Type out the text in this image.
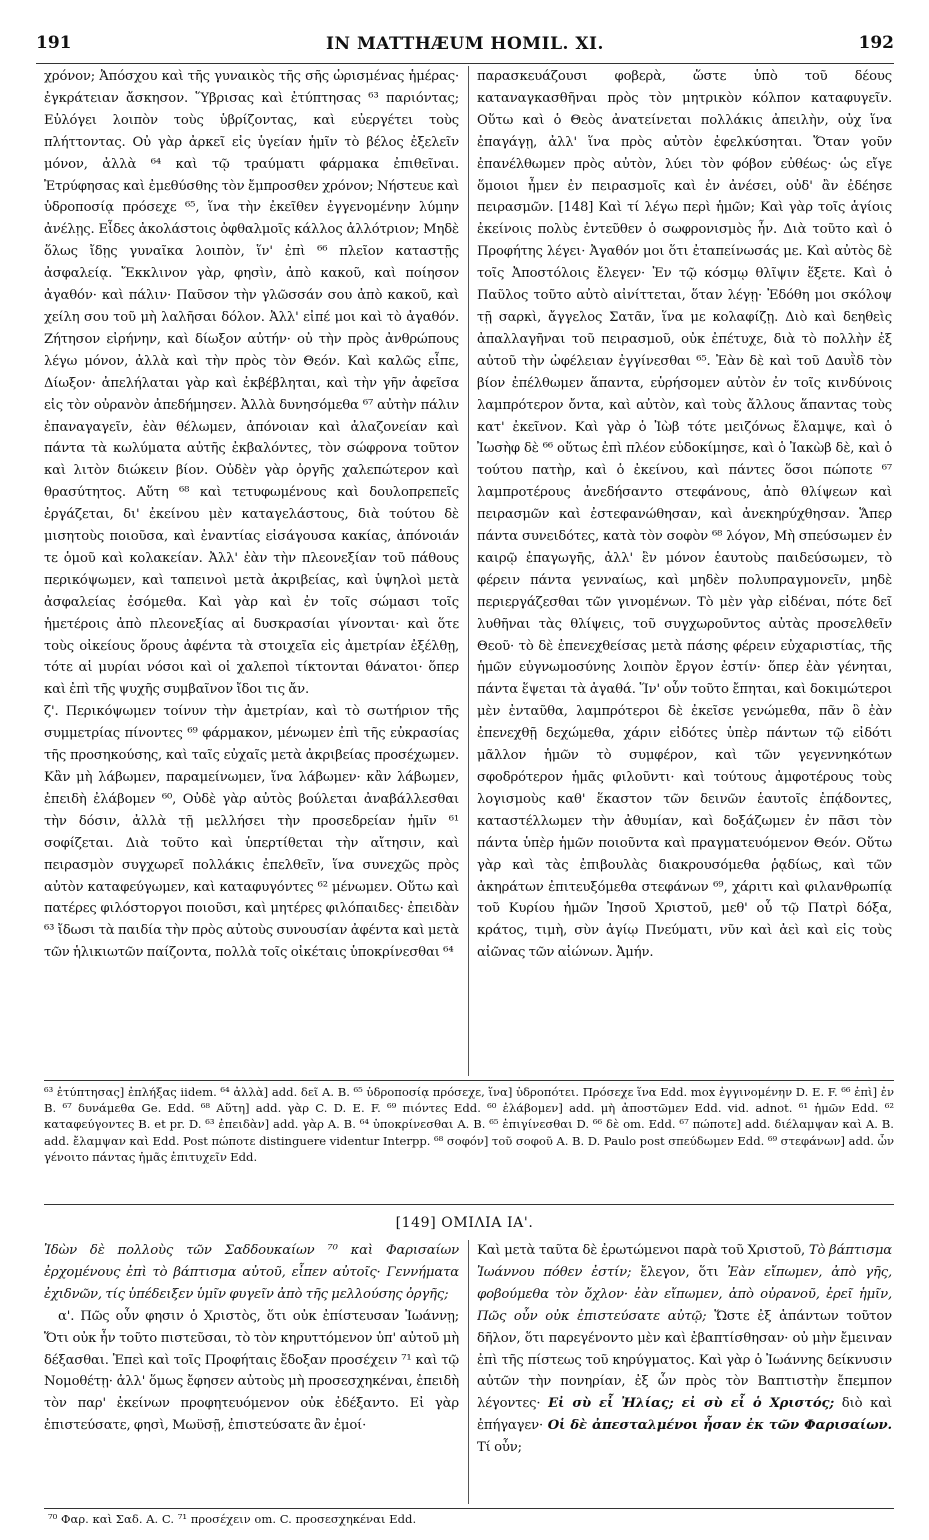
191	IN MATTHÆUM HOMIL. XI.	192

χρόνον; Ἀπόσχου καὶ τῆς γυναικὸς τῆς σῆς ὡρισμένας ἡμέρας· ἐγκράτειαν ἄσκησον. Ὕβρισας καὶ ἐτύπτησας ⁶³ παριόντας; Εὐλόγει λοιπὸν τοὺς ὑβρίζοντας, καὶ εὐεργέτει τοὺς πλήττοντας. Οὐ γὰρ ἀρκεῖ εἰς ὑγείαν ἡμῖν τὸ βέλος ἐξελεῖν μόνον, ἀλλὰ ⁶⁴ καὶ τῷ τραύματι φάρμακα ἐπιθεῖναι. Ἐτρύφησας καὶ ἐμεθύσθης τὸν ἔμπροσθεν χρόνον; Νήστευε καὶ ὑδροποσίᾳ πρόσεχε ⁶⁵, ἵνα τὴν ἐκεῖθεν ἐγγενομένην λύμην ἀνέλῃς. Εἶδες ἀκολάστοις ὀφθαλμοῖς κάλλος ἀλλότριον; Μηδὲ ὅλως ἴδῃς γυναῖκα λοιπὸν, ἵν' ἐπὶ ⁶⁶ πλεῖον καταστῇς ἀσφαλείᾳ. Ἔκκλινον γὰρ, φησὶν, ἀπὸ κακοῦ, καὶ ποίησον ἀγαθόν· καὶ πάλιν· Παῦσον τὴν γλῶσσάν σου ἀπὸ κακοῦ, καὶ χείλη σου τοῦ μὴ λαλῆσαι δόλον. Ἀλλ' εἰπέ μοι καὶ τὸ ἀγαθόν. Ζήτησον εἰρήνην, καὶ δίωξον αὐτήν· οὐ τὴν πρὸς ἀνθρώπους λέγω μόνον, ἀλλὰ καὶ τὴν πρὸς τὸν Θεόν. Καὶ καλῶς εἶπε, Δίωξον· ἀπελήλαται γὰρ καὶ ἐκβέβληται, καὶ τὴν γῆν ἀφεῖσα εἰς τὸν οὐρανὸν ἀπεδήμησεν. Ἀλλὰ δυνησόμεθα ⁶⁷ αὐτὴν πάλιν ἐπαναγαγεῖν, ἐὰν θέλωμεν, ἀπόνοιαν καὶ ἀλαζονείαν καὶ πάντα τὰ κωλύματα αὐτῆς ἐκβαλόντες, τὸν σώφρονα τοῦτον καὶ λιτὸν διώκειν βίον. Οὐδὲν γὰρ ὀργῆς χαλεπώτερον καὶ θρασύτητος. Αὕτη ⁶⁸ καὶ τετυφωμένους καὶ δουλοπρεπεῖς ἐργάζεται, δι' ἐκείνου μὲν καταγελάστους, διὰ τούτου δὲ μισητοὺς ποιοῦσα, καὶ ἐναντίας εἰσάγουσα κακίας, ἀπόνοιάν τε ὁμοῦ καὶ κολακείαν. Ἀλλ' ἐὰν τὴν πλεονεξίαν τοῦ πάθους περικόψωμεν, καὶ ταπεινοὶ μετὰ ἀκριβείας, καὶ ὑψηλοὶ μετὰ ἀσφαλείας ἐσόμεθα. Καὶ γὰρ καὶ ἐν τοῖς σώμασι τοῖς ἡμετέροις ἀπὸ πλεονεξίας αἱ δυσκρασίαι γίνονται· καὶ ὅτε τοὺς οἰκείους ὅρους ἀφέντα τὰ στοιχεῖα εἰς ἀμετρίαν ἐξέλθῃ, τότε αἱ μυρίαι νόσοι καὶ οἱ χαλεποὶ τίκτονται θάνατοι· ὅπερ καὶ ἐπὶ τῆς ψυχῆς συμβαῖνον ἴδοι τις ἄν.

ζ'. Περικόψωμεν τοίνυν τὴν ἀμετρίαν, καὶ τὸ σωτήριον τῆς συμμετρίας πίνοντες ⁶⁹ φάρμακον, μένωμεν ἐπὶ τῆς εὐκρασίας τῆς προσηκούσης, καὶ ταῖς εὐχαῖς μετὰ ἀκριβείας προσέχωμεν. Κἂν μὴ λάβωμεν, παραμείνωμεν, ἵνα λάβωμεν· κἂν λάβωμεν, ἐπειδὴ ἐλάβομεν ⁶⁰, Οὐδὲ γὰρ αὐτὸς βούλεται ἀναβάλλεσθαι τὴν δόσιν, ἀλλὰ τῇ μελλήσει τὴν προσεδρείαν ἡμῖν ⁶¹ σοφίζεται. Διὰ τοῦτο καὶ ὑπερτίθεται τὴν αἴτησιν, καὶ πειρασμὸν συγχωρεῖ πολλάκις ἐπελθεῖν, ἵνα συνεχῶς πρὸς αὐτὸν καταφεύγωμεν, καὶ καταφυγόντες ⁶² μένωμεν. Οὕτω καὶ πατέρες φιλόστοργοι ποιοῦσι, καὶ μητέρες φιλόπαιδες· ἐπειδὰν ⁶³ ἴδωσι τὰ παιδία τὴν πρὸς αὐτοὺς συνουσίαν ἀφέντα καὶ μετὰ τῶν ἡλικιωτῶν παίζοντα, πολλὰ τοῖς οἰκέταις ὑποκρίνεσθαι ⁶⁴

παρασκευάζουσι φοβερὰ, ὥστε ὑπὸ τοῦ δέους καταναγκασθῆναι πρὸς τὸν μητρικὸν κόλπον καταφυγεῖν. Οὕτω καὶ ὁ Θεὸς ἀνατείνεται πολλάκις ἀπειλὴν, οὐχ ἵνα ἐπαγάγῃ, ἀλλ' ἵνα πρὸς αὐτὸν ἐφελκύσηται. Ὅταν γοῦν ἐπανέλθωμεν πρὸς αὐτὸν, λύει τὸν φόβον εὐθέως· ὡς εἴγε ὅμοιοι ἦμεν ἐν πειρασμοῖς καὶ ἐν ἀνέσει, οὐδ' ἂν ἐδέησε πειρασμῶν. [148] Καὶ τί λέγω περὶ ἡμῶν; Καὶ γὰρ τοῖς ἁγίοις ἐκείνοις πολὺς ἐντεῦθεν ὁ σωφρονισμὸς ἦν. Διὰ τοῦτο καὶ ὁ Προφήτης λέγει· Ἀγαθόν μοι ὅτι ἐταπείνωσάς με. Καὶ αὐτὸς δὲ τοῖς Ἀποστόλοις ἔλεγεν· Ἐν τῷ κόσμῳ θλῖψιν ἕξετε. Καὶ ὁ Παῦλος τοῦτο αὐτὸ αἰνίττεται, ὅταν λέγῃ· Ἐδόθη μοι σκόλοψ τῇ σαρκὶ, ἄγγελος Σατᾶν, ἵνα με κολαφίζῃ. Διὸ καὶ δεηθεὶς ἀπαλλαγῆναι τοῦ πειρασμοῦ, οὐκ ἐπέτυχε, διὰ τὸ πολλὴν ἐξ αὐτοῦ τὴν ὠφέλειαν ἐγγίνεσθαι ⁶⁵. Ἐὰν δὲ καὶ τοῦ Δαυῒδ τὸν βίον ἐπέλθωμεν ἅπαντα, εὑρήσομεν αὐτὸν ἐν τοῖς κινδύνοις λαμπρότερον ὄντα, καὶ αὐτὸν, καὶ τοὺς ἄλλους ἅπαντας τοὺς κατ' ἐκεῖνον. Καὶ γὰρ ὁ Ἰὼβ τότε μειζόνως ἔλαμψε, καὶ ὁ Ἰωσὴφ δὲ ⁶⁶ οὕτως ἐπὶ πλέον εὐδοκίμησε, καὶ ὁ Ἰακὼβ δὲ, καὶ ὁ τούτου πατὴρ, καὶ ὁ ἐκείνου, καὶ πάντες ὅσοι πώποτε ⁶⁷ λαμπροτέρους ἀνεδήσαντο στεφάνους, ἀπὸ θλίψεων καὶ πειρασμῶν καὶ ἐστεφανώθησαν, καὶ ἀνεκηρύχθησαν. Ἅπερ πάντα συνειδότες, κατὰ τὸν σοφὸν ⁶⁸ λόγον, Μὴ σπεύσωμεν ἐν καιρῷ ἐπαγωγῆς, ἀλλ' ἓν μόνον ἑαυτοὺς παιδεύσωμεν, τὸ φέρειν πάντα γενναίως, καὶ μηδὲν πολυπραγμονεῖν, μηδὲ περιεργάζεσθαι τῶν γινομένων. Τὸ μὲν γὰρ εἰδέναι, πότε δεῖ λυθῆναι τὰς θλίψεις, τοῦ συγχωροῦντος αὐτὰς προσελθεῖν Θεοῦ· τὸ δὲ ἐπενεχθείσας μετὰ πάσης φέρειν εὐχαριστίας, τῆς ἡμῶν εὐγνωμοσύνης λοιπὸν ἔργον ἐστίν· ὅπερ ἐὰν γένηται, πάντα ἕψεται τὰ ἀγαθά. Ἵν' οὖν τοῦτο ἔπηται, καὶ δοκιμώτεροι μὲν ἐνταῦθα, λαμπρότεροι δὲ ἐκεῖσε γενώμεθα, πᾶν ὃ ἐὰν ἐπενεχθῇ δεχώμεθα, χάριν εἰδότες ὑπὲρ πάντων τῷ εἰδότι μᾶλλον ἡμῶν τὸ συμφέρον, καὶ τῶν γεγεννηκότων σφοδρότερον ἡμᾶς φιλοῦντι· καὶ τούτους ἀμφοτέρους τοὺς λογισμοὺς καθ' ἕκαστον τῶν δεινῶν ἑαυτοῖς ἐπᾴδοντες, καταστέλλωμεν τὴν ἀθυμίαν, καὶ δοξάζωμεν ἐν πᾶσι τὸν πάντα ὑπὲρ ἡμῶν ποιοῦντα καὶ πραγματευόμενον Θεόν. Οὕτω γὰρ καὶ τὰς ἐπιβουλὰς διακρουσόμεθα ῥᾳδίως, καὶ τῶν ἀκηράτων ἐπιτευξόμεθα στεφάνων ⁶⁹, χάριτι καὶ φιλανθρωπίᾳ τοῦ Κυρίου ἡμῶν Ἰησοῦ Χριστοῦ, μεθ' οὗ τῷ Πατρὶ δόξα, κράτος, τιμὴ, σὺν ἁγίῳ Πνεύματι, νῦν καὶ ἀεὶ καὶ εἰς τοὺς αἰῶνας τῶν αἰώνων. Ἀμήν.

⁶³ ἐτύπτησας] ἐπλήξας iidem. ⁶⁴ ἀλλὰ] add. δεῖ A. B. ⁶⁵ ὑδροποσίᾳ πρόσεχε, ἵνα] ὑδροπότει. Πρόσεχε ἵνα Edd. mox ἐγγινομένην D. E. F. ⁶⁶ ἐπὶ] ἐν B. ⁶⁷ δυνάμεθα Ge. Edd. ⁶⁸ Αὕτη] add. γὰρ C. D. E. F. ⁶⁹ πιόντες Edd. ⁶⁰ ἐλάβομεν] add. μὴ ἀποστῶμεν Edd. vid. adnot. ⁶¹ ἡμῶν Edd. ⁶² καταφεύγοντες B. et pr. D. ⁶³ ἐπειδὰν] add. γὰρ A. B. ⁶⁴ ὑποκρίνεσθαι A. B. ⁶⁵ ἐπιγίνεσθαι D. ⁶⁶ δὲ om. Edd. ⁶⁷ πώποτε] add. διέλαμψαν καὶ A. B. add. ἔλαμψαν καὶ Edd. Post πώποτε distinguere videntur Interpp. ⁶⁸ σοφόν] τοῦ σοφοῦ A. B. D. Paulo post σπεύδωμεν Edd. ⁶⁹ στεφάνων] add. ὧν γένοιτο πάντας ἡμᾶς ἐπιτυχεῖν Edd.
[149] ΟΜΙΛΙΑ ΙΑ'.

Ἰδὼν δὲ πολλοὺς τῶν Σαδδουκαίων ⁷⁰ καὶ Φαρισαίων ἐρχομένους ἐπὶ τὸ βάπτισμα αὐτοῦ, εἶπεν αὐτοῖς· Γεννήματα ἐχιδνῶν, τίς ὑπέδειξεν ὑμῖν φυγεῖν ἀπὸ τῆς μελλούσης ὀργῆς;

α'. Πῶς οὖν φησιν ὁ Χριστὸς, ὅτι οὐκ ἐπίστευσαν Ἰωάννῃ; Ὅτι οὐκ ἦν τοῦτο πιστεῦσαι, τὸ τὸν κηρυττόμενον ὑπ' αὐτοῦ μὴ δέξασθαι. Ἐπεὶ καὶ τοῖς Προφήταις ἔδοξαν προσέχειν ⁷¹ καὶ τῷ Νομοθέτῃ· ἀλλ' ὅμως ἔφησεν αὐτοὺς μὴ προσεσχηκέναι, ἐπειδὴ τὸν παρ' ἐκείνων προφητευόμενον οὐκ ἐδέξαντο. Εἰ γὰρ ἐπιστεύσατε, φησὶ, Μωϋσῇ, ἐπιστεύσατε ἂν ἐμοί·

Καὶ μετὰ ταῦτα δὲ ἐρωτώμενοι παρὰ τοῦ Χριστοῦ, Τὸ βάπτισμα Ἰωάννου πόθεν ἐστίν; ἔλεγον, ὅτι Ἐὰν εἴπωμεν, ἀπὸ γῆς, φοβούμεθα τὸν ὄχλον· ἐὰν εἴπωμεν, ἀπὸ οὐρανοῦ, ἐρεῖ ἡμῖν, Πῶς οὖν οὐκ ἐπιστεύσατε αὐτῷ; Ὥστε ἐξ ἁπάντων τοῦτον δῆλον, ὅτι παρεγένοντο μὲν καὶ ἐβαπτίσθησαν· οὐ μὴν ἔμειναν ἐπὶ τῆς πίστεως τοῦ κηρύγματος. Καὶ γὰρ ὁ Ἰωάννης δείκνυσιν αὐτῶν τὴν πονηρίαν, ἐξ ὧν πρὸς τὸν Βαπτιστὴν ἔπεμπον λέγοντες· Εἰ σὺ εἶ Ἠλίας; εἰ σὺ εἶ ὁ Χριστός; διὸ καὶ ἐπήγαγεν· Οἱ δὲ ἀπεσταλμένοι ἦσαν ἐκ τῶν Φαρισαίων. Τί οὖν;

⁷⁰ Φαρ. καὶ Σαδ. A. C. ⁷¹ προσέχειν om. C. προσεσχηκέναι Edd.
